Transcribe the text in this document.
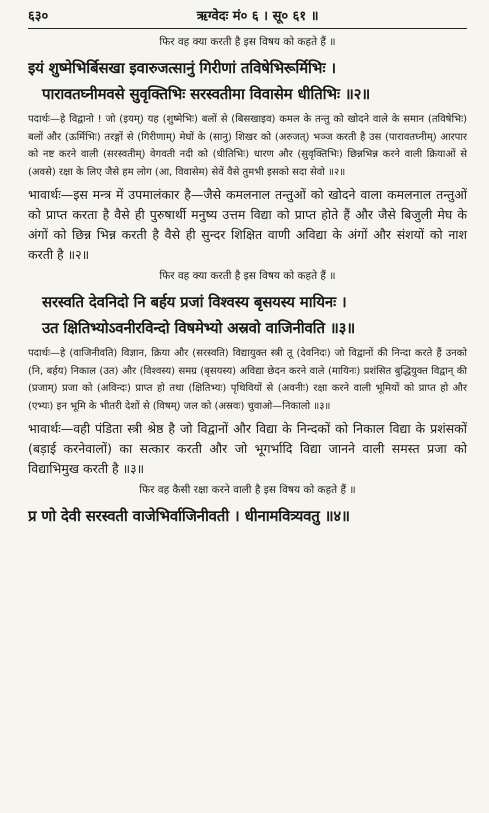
६३०	ऋग्वेदः मं० ६ । सू० ६१ ॥
फिर वह क्या करती है इस विषय को कहते हैं ॥
इयं शुष्मेभिर्बिसखा इवारुजत्सानुं गिरीणां तविषेभिरूर्मिभिः ।
पारावतघ्नीमवसे सुवृक्तिभिः सरस्वतीमा विवासेम धीतिभिः ॥२॥

पदार्थः—हे विद्वानो ! जो (इयम्) यह (शुष्मेभिः) बलों से (बिसखाइव) कमल के तन्तु को खोदने वाले के समान (तविषेभिः) बलों और (ऊर्मिभिः) तरङ्गों से (गिरीणाम्) मेघों के (सानु) शिखर को (अरुजत्) भञ्ज करती है उस (पारावतघ्नीम्) आरपार को नष्ट करने वाली (सरस्वतीम्) वेगवती नदी को (धीतिभिः) धारण और (सुवृक्तिभिः) छिन्नभिन्न करने वाली क्रियाओं से (अवसे) रक्षा के लिए जैसे हम लोग (आ, विवासेम) सेवें वैसे तुमभी इसको सदा सेवो ॥२॥

भावार्थः—इस मन्त्र में उपमालंकार है—जैसे कमलनाल तन्तुओं को खोदने वाला कमलनाल तन्तुओं को प्राप्त करता है वैसे ही पुरुषार्थी मनुष्य उत्तम विद्या को प्राप्त होते हैं और जैसे बिजुली मेघ के अंगों को छिन्न भिन्न करती है वैसे ही सुन्दर शिक्षित वाणी अविद्या के अंगों और संशयों को नाश करती है ॥२॥

फिर वह क्या करती है इस विषय को कहते हैं ॥
सरस्वति देवनिदो नि बर्हय प्रजां विश्वस्य बृसयस्य मायिनः ।
उत क्षितिभ्योऽवनीरविन्दो विषमेभ्यो अस्रवो वाजिनीवति ॥३॥

पदार्थः—हे (वाजिनीवति) विज्ञान, क्रिया और (सरस्वति) विद्यायुक्त स्त्री तू (देवनिदः) जो विद्वानों की निन्दा करते हैं उनको (नि, बर्हय) निकाल (उत) और (विश्वस्य) समग्र (बृसयस्य) अविद्या छेदन करने वाले (मायिनः) प्रशंसित बुद्धियुक्त विद्वान् की (प्रजाम्) प्रजा को (अविन्दः) प्राप्त हो तथा (क्षितिभ्यः) पृथिवियों से (अवनीः) रक्षा करने वाली भूमियों को प्राप्त हो और (एभ्यः) इन भूमि के भीतरी देशों से (विषम्) जल को (अस्रवः) चुवाओ—निकालो ॥३॥

भावार्थः—वही पंडिता स्त्री श्रेष्ठ है जो विद्वानों और विद्या के निन्दकों को निकाल विद्या के प्रशंसकों (बड़ाई करनेवालों) का सत्कार करती और जो भूगर्भादि विद्या जानने वाली समस्त प्रजा को विद्याभिमुख करती है ॥३॥

फिर वह कैसी रक्षा करने वाली है इस विषय को कहते हैं ॥
प्र णो देवी सरस्वती वाजेभिर्वाजिनीवती । धीनामवित्र्यवतु ॥४॥
